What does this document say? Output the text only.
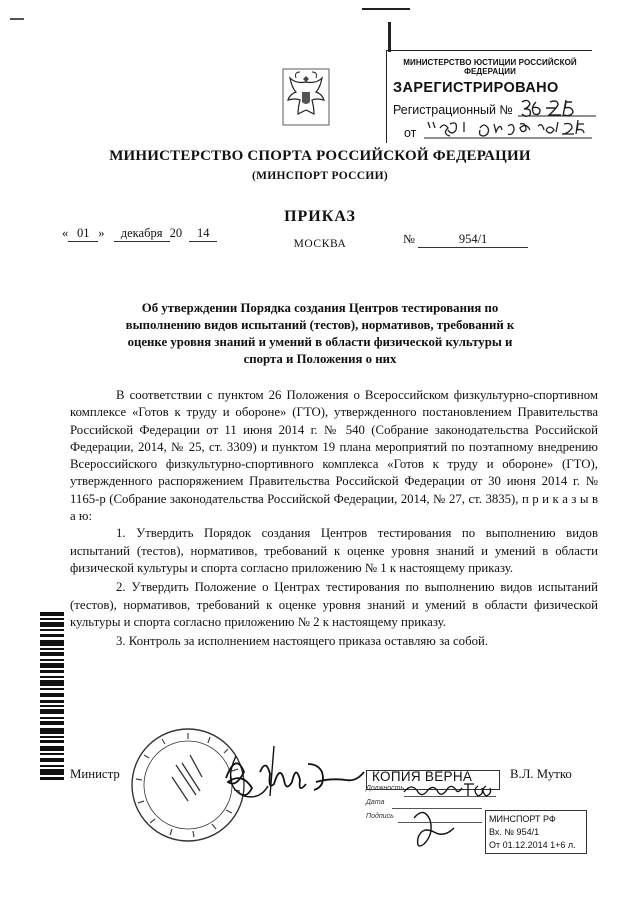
МИНИСТЕРСТВО ЮСТИЦИИ РОССИЙСКОЙ ФЕДЕРАЦИИ
ЗАРЕГИСТРИРОВАНО
Регистрационный №
от
МИНИСТЕРСТВО СПОРТА РОССИЙСКОЙ ФЕДЕРАЦИИ
(МИНСПОРТ РОССИИ)
« 01 » декабря 20 14
ПРИКАЗ
МОСКВА	№	954/1
Об утверждении Порядка создания Центров тестирования по выполнению видов испытаний (тестов), нормативов, требований к оценке уровня знаний и умений в области физической культуры и спорта и Положения о них

В соответствии с пунктом 26 Положения о Всероссийском физкультурно-спортивном комплексе «Готов к труду и обороне» (ГТО), утвержденного постановлением Правительства Российской Федерации от 11 июня 2014 г. № 540 (Собрание законодательства Российской Федерации, 2014, № 25, ст. 3309) и пунктом 19 плана мероприятий по поэтапному внедрению Всероссийского физкультурно-спортивного комплекса «Готов к труду и обороне» (ГТО), утвержденного распоряжением Правительства Российской Федерации от 30 июня 2014 г. № 1165-р (Собрание законодательства Российской Федерации, 2014, № 27, ст. 3835), п р и к а з ы в а ю:

1. Утвердить Порядок создания Центров тестирования по выполнению видов испытаний (тестов), нормативов, требований к оценке уровня знаний и умений в области физической культуры и спорта согласно приложению № 1 к настоящему приказу.

2. Утвердить Положение о Центрах тестирования по выполнению видов испытаний (тестов), нормативов, требований к оценке уровня знаний и умений в области физической культуры и спорта согласно приложению № 2 к настоящему приказу.

3. Контроль за исполнением настоящего приказа оставляю за собой.

Министр	КОПИЯ ВЕРНА	В.Л. Мутко
Должность
Дата
Подпись	МИНСПОРТ РФ
Вх. № 954/1
От 01.12.2014 1+6 л.
